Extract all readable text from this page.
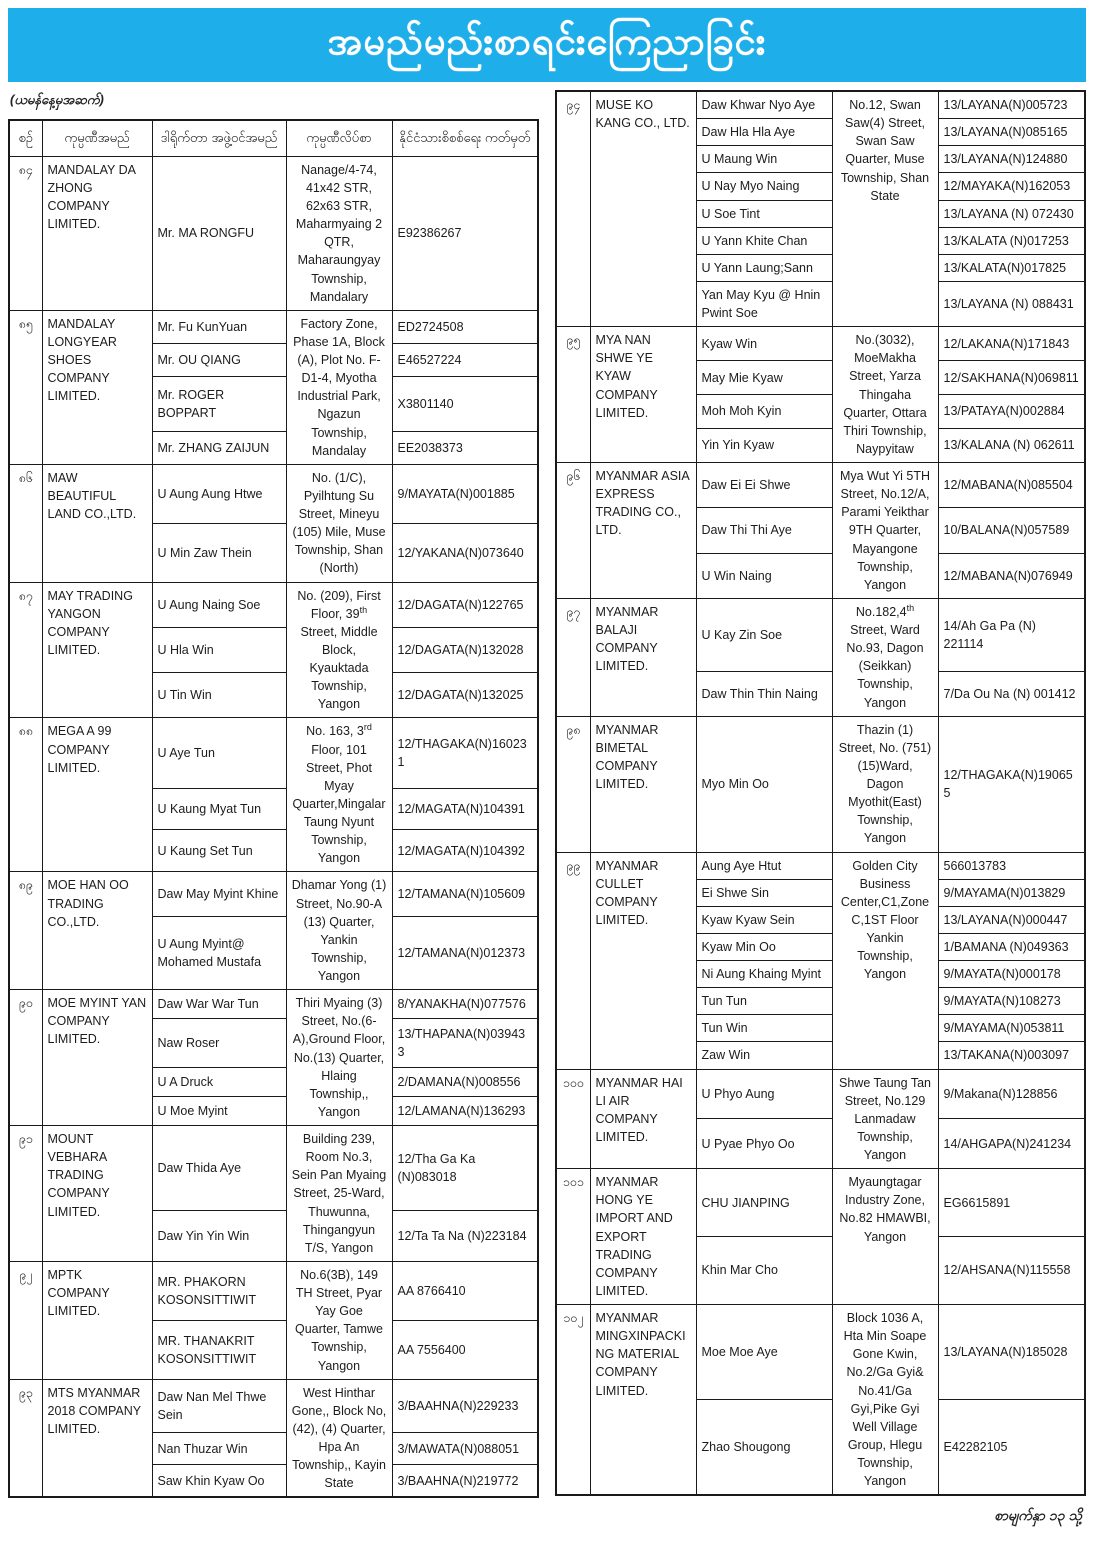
အမည်မည်းစာရင်းကြေညာခြင်း
(ယမန်နေ့မှအဆက်)
စဉ်	ကုမ္ပဏီအမည်	ဒါရိုက်တာ အဖွဲ့ဝင်အမည်	ကုမ္ပဏီလိပ်စာ	နိုင်ငံသားစိစစ်ရေး ကတ်မှတ်
၈၄	MANDALAY DA ZHONG COMPANY LIMITED.	Mr. MA RONGFU	Nanage/4-74, 41x42 STR, 62x63 STR, Maharmyaing 2 QTR, Maharaungyay Township, Mandalary	E92386267
၈၅	MANDALAY LONGYEAR SHOES COMPANY LIMITED.	Mr. Fu KunYuan	Factory Zone, Phase 1A, Block (A), Plot No. F-D1-4, Myotha Industrial Park, Ngazun Township, Mandalay	ED2724508
		Mr. OU QIANG		E46527224
		Mr. ROGER BOPPART		X3801140
		Mr. ZHANG ZAIJUN		EE2038373
၈၆	MAW BEAUTIFUL LAND CO.,LTD.	U Aung Aung Htwe	No. (1/C), Pyilhtung Su Street, Mineyu (105) Mile, Muse Township, Shan (North)	9/MAYATA(N)001885
		U Min Zaw Thein		12/YAKANA(N)073640
၈၇	MAY TRADING YANGON COMPANY LIMITED.	U Aung Naing Soe	No. (209), First Floor, 39th Street, Middle Block, Kyauktada Township, Yangon	12/DAGATA(N)122765
		U Hla Win		12/DAGATA(N)132028
		U Tin Win		12/DAGATA(N)132025
၈၈	MEGA A 99 COMPANY LIMITED.	U Aye Tun	No. 163, 3rd Floor, 101 Street, Phot Myay Quarter,Mingalar Taung Nyunt Township, Yangon	12/THAGAKA(N)160231
		U Kaung Myat Tun		12/MAGATA(N)104391
		U Kaung Set Tun		12/MAGATA(N)104392
၈၉	MOE HAN OO TRADING CO.,LTD.	Daw May Myint Khine	Dhamar Yong (1) Street, No.90-A (13) Quarter, Yankin Township, Yangon	12/TAMANA(N)105609
		U Aung Myint@ Mohamed Mustafa		12/TAMANA(N)012373
၉၀	MOE MYINT YAN COMPANY LIMITED.	Daw War War Tun	Thiri Myaing (3) Street, No.(6-A),Ground Floor, No.(13) Quarter, Hlaing Township,, Yangon	8/YANAKHA(N)077576
		Naw Roser		13/THAPANA(N)039433
		U A Druck		2/DAMANA(N)008556
		U Moe Myint		12/LAMANA(N)136293
၉၁	MOUNT VEBHARA TRADING COMPANY LIMITED.	Daw Thida Aye	Building 239, Room No.3, Sein Pan Myaing Street, 25-Ward, Thuwunna, Thingangyun T/S, Yangon	12/Tha Ga Ka (N)083018
		Daw Yin Yin Win		12/Ta Ta Na (N)223184
၉၂	MPTK COMPANY LIMITED.	MR. PHAKORN KOSONSITTIWIT	No.6(3B), 149 TH Street, Pyar Yay Goe Quarter, Tamwe Township, Yangon	AA 8766410
		MR. THANAKRIT KOSONSITTIWIT		AA 7556400
၉၃	MTS MYANMAR 2018 COMPANY LIMITED.	Daw Nan Mel Thwe Sein	West Hinthar Gone,, Block No, (42), (4) Quarter, Hpa An Township,, Kayin State	3/BAAHNA(N)229233
		Nan Thuzar Win		3/MAWATA(N)088051
		Saw Khin Kyaw Oo		3/BAAHNA(N)219772
၉၄	MUSE KO KANG CO., LTD.	Daw Khwar Nyo Aye	No.12, Swan Saw(4) Street, Swan Saw Quarter, Muse Township, Shan State	13/LAYANA(N)005723
		Daw Hla Hla Aye		13/LAYANA(N)085165
		U Maung Win		13/LAYANA(N)124880
		U Nay Myo Naing		12/MAYAKA(N)162053
		U Soe Tint		13/LAYANA (N) 072430
		U Yann Khite Chan		13/KALATA (N)017253
		U Yann Laung;Sann		13/KALATA(N)017825
		Yan May Kyu @ Hnin Pwint Soe		13/LAYANA (N) 088431
၉၅	MYA NAN SHWE YE KYAW COMPANY LIMITED.	Kyaw Win	No.(3032), MoeMakha Street, Yarza Thingaha Quarter, Ottara Thiri Township, Naypyitaw	12/LAKANA(N)171843
		May Mie Kyaw		12/SAKHANA(N)069811
		Moh Moh Kyin		13/PATAYA(N)002884
		Yin Yin Kyaw		13/KALANA (N) 062611
၉၆	MYANMAR ASIA EXPRESS TRADING CO., LTD.	Daw Ei Ei Shwe	Mya Wut Yi 5TH Street, No.12/A, Parami Yeikthar 9TH Quarter, Mayangone Township, Yangon	12/MABANA(N)085504
		Daw Thi Thi Aye		10/BALANA(N)057589
		U Win Naing		12/MABANA(N)076949
၉၇	MYANMAR BALAJI COMPANY LIMITED.	U Kay Zin Soe	No.182,4th Street, Ward No.93, Dagon (Seikkan) Township, Yangon	14/Ah Ga Pa (N) 221114
		Daw Thin Thin Naing		7/Da Ou Na (N) 001412
၉၈	MYANMAR BIMETAL COMPANY LIMITED.	Myo Min Oo	Thazin (1) Street, No. (751) (15)Ward, Dagon Myothit(East) Township, Yangon	12/THAGAKA(N)190655
၉၉	MYANMAR CULLET COMPANY LIMITED.	Aung Aye Htut	Golden City Business Center,C1,Zone C,1ST Floor Yankin Township, Yangon	566013783
		Ei Shwe Sin		9/MAYAMA(N)013829
		Kyaw Kyaw Sein		13/LAYANA(N)000447
		Kyaw Min Oo		1/BAMANA (N)049363
		Ni Aung Khaing Myint		9/MAYATA(N)000178
		Tun Tun		9/MAYATA(N)108273
		Tun Win		9/MAYAMA(N)053811
		Zaw Win		13/TAKANA(N)003097
၁၀၀	MYANMAR HAI LI AIR COMPANY LIMITED.	U Phyo Aung	Shwe Taung Tan Street, No.129 Lanmadaw Township, Yangon	9/Makana(N)128856
		U Pyae Phyo Oo		14/AHGAPA(N)241234
၁၀၁	MYANMAR HONG YE IMPORT AND EXPORT TRADING COMPANY LIMITED.	CHU JIANPING	Myaungtagar Industry Zone, No.82 HMAWBI, Yangon	EG6615891
		Khin Mar Cho		12/AHSANA(N)115558
၁၀၂	MYANMAR MINGXINPACKING MATERIAL COMPANY LIMITED.	Moe Moe Aye	Block 1036 A, Hta Min Soape Gone Kwin, No.2/Ga Gyi& No.41/Ga Gyi,Pike Gyi Well Village Group, Hlegu Township, Yangon	13/LAYANA(N)185028
		Zhao Shougong		E42282105
စာမျက်နှာ ၁၃ သို့
